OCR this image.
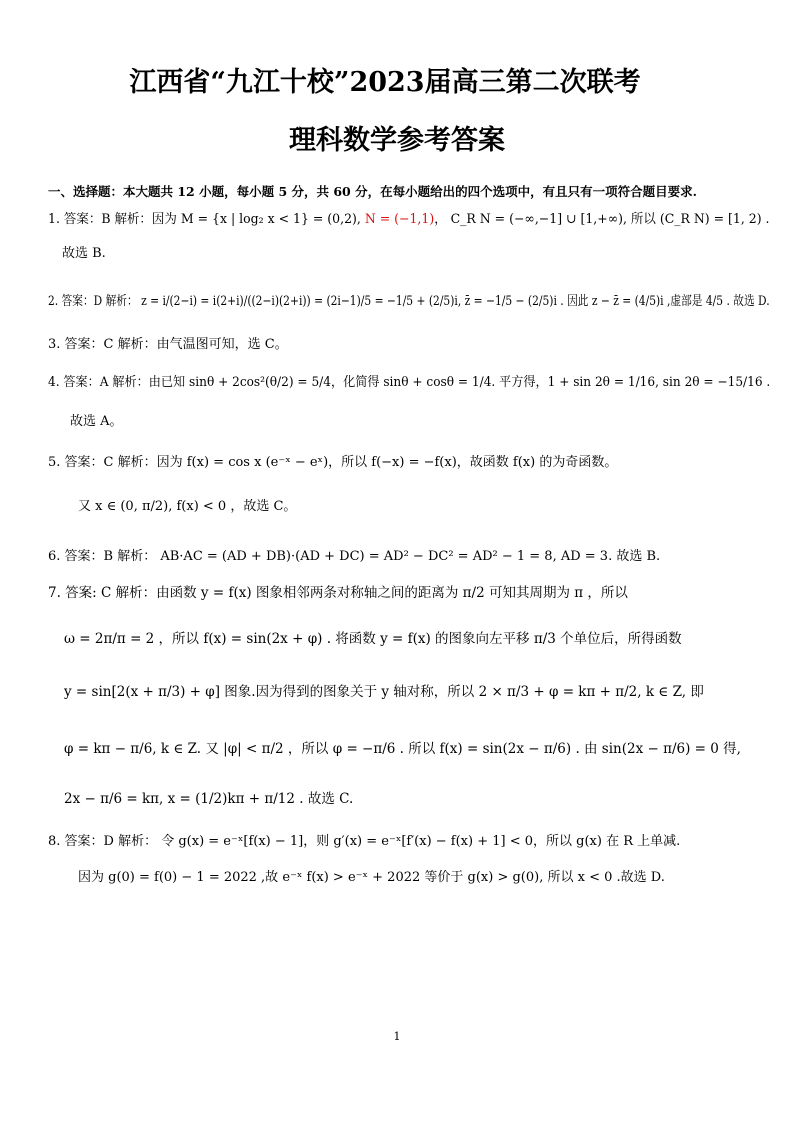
江西省“九江十校”2023届高三第二次联考
理科数学参考答案
一、选择题：本大题共 12 小题，每小题 5 分，共 60 分，在每小题给出的四个选项中，有且只有一项符合题目要求.
1. 答案：B 解析：因为 M = {x | log₂ x < 1} = (0,2), N = (−1,1)， C_R N = (−∞,−1] ∪ [1,+∞), 所以 (C_R N) = [1, 2) .
故选 B.
2. 答案：D 解析： z = i/(2−i) = i(2+i)/((2−i)(2+i)) = (2i−1)/5 = −1/5 + (2/5)i, z̄ = −1/5 − (2/5)i . 因此 z − z̄ = (4/5)i ,虚部是 4/5 . 故选 D.
3. 答案：C 解析：由气温图可知，选 C。
4. 答案：A 解析：由已知 sinθ + 2cos²(θ/2) = 5/4，化简得 sinθ + cosθ = 1/4. 平方得，1 + sin 2θ = 1/16, sin 2θ = −15/16 .
故选 A。
5. 答案：C 解析：因为 f(x) = cos x (e⁻ˣ − eˣ)，所以 f(−x) = −f(x)，故函数 f(x) 的为奇函数。
又 x ∈ (0, π/2), f(x) < 0 ，故选 C。
6. 答案：B 解析： AB·AC = (AD + DB)·(AD + DC) = AD² − DC² = AD² − 1 = 8, AD = 3. 故选 B.
7. 答案: C 解析：由函数 y = f(x) 图象相邻两条对称轴之间的距离为 π/2 可知其周期为 π ，所以
ω = 2π/π = 2 ，所以 f(x) = sin(2x + φ) . 将函数 y = f(x) 的图象向左平移 π/3 个单位后，所得函数
y = sin[2(x + π/3) + φ] 图象.因为得到的图象关于 y 轴对称，所以 2 × π/3 + φ = kπ + π/2, k ∈ Z, 即
φ = kπ − π/6, k ∈ Z. 又 |φ| < π/2 ，所以 φ = −π/6 . 所以 f(x) = sin(2x − π/6) . 由 sin(2x − π/6) = 0 得,
2x − π/6 = kπ, x = (1/2)kπ + π/12 . 故选 C.
8. 答案：D 解析： 令 g(x) = e⁻ˣ[f(x) − 1]，则 g′(x) = e⁻ˣ[f′(x) − f(x) + 1] < 0，所以 g(x) 在 R 上单减.
因为 g(0) = f(0) − 1 = 2022 ,故 e⁻ˣ f(x) > e⁻ˣ + 2022 等价于 g(x) > g(0), 所以 x < 0 .故选 D.
1
